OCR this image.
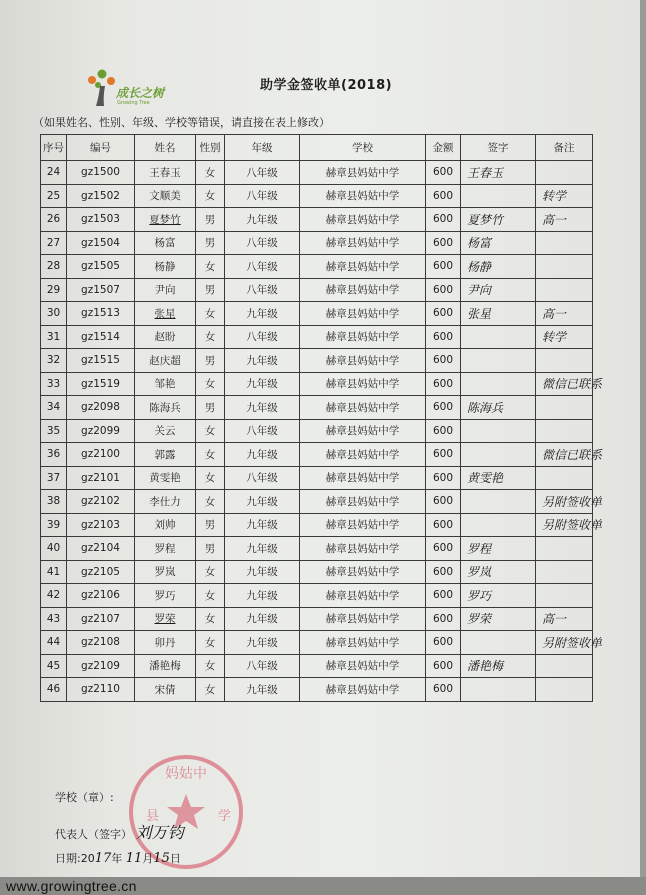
成长之树
Growing Tree
助学金签收单(2018)
（如果姓名、性别、年级、学校等错误，请直接在表上修改）
序号	编号	姓名	性别	年级	学校	金额	签字	备注
24	gz1500	王春玉	女	八年级	赫章县妈姑中学	600	王春玉	
25	gz1502	文顺美	女	八年级	赫章县妈姑中学	600		转学
26	gz1503	夏梦竹	男	九年级	赫章县妈姑中学	600	夏梦竹	高一
27	gz1504	杨富	男	八年级	赫章县妈姑中学	600	杨富	
28	gz1505	杨静	女	八年级	赫章县妈姑中学	600	杨静	
29	gz1507	尹向	男	八年级	赫章县妈姑中学	600	尹向	
30	gz1513	张星	女	九年级	赫章县妈姑中学	600	张星	高一
31	gz1514	赵盼	女	八年级	赫章县妈姑中学	600		转学
32	gz1515	赵庆超	男	九年级	赫章县妈姑中学	600		
33	gz1519	邹艳	女	九年级	赫章县妈姑中学	600		微信已联系
34	gz2098	陈海兵	男	九年级	赫章县妈姑中学	600	陈海兵	
35	gz2099	关云	女	八年级	赫章县妈姑中学	600		
36	gz2100	郭露	女	九年级	赫章县妈姑中学	600		微信已联系
37	gz2101	黄雯艳	女	八年级	赫章县妈姑中学	600	黄雯艳	
38	gz2102	李仕力	女	九年级	赫章县妈姑中学	600		另附签收单
39	gz2103	刘帅	男	九年级	赫章县妈姑中学	600		另附签收单
40	gz2104	罗程	男	九年级	赫章县妈姑中学	600	罗程	
41	gz2105	罗岚	女	九年级	赫章县妈姑中学	600	罗岚	
42	gz2106	罗巧	女	九年级	赫章县妈姑中学	600	罗巧	
43	gz2107	罗荣	女	九年级	赫章县妈姑中学	600	罗荣	高一
44	gz2108	卯丹	女	九年级	赫章县妈姑中学	600		另附签收单
45	gz2109	潘艳梅	女	八年级	赫章县妈姑中学	600	潘艳梅	
46	gz2110	宋倩	女	九年级	赫章县妈姑中学	600		
妈姑中
县	学
学校（章）:
代表人（签字） 刘万钧
日期:2017年 11月15日
www.growingtree.cn
